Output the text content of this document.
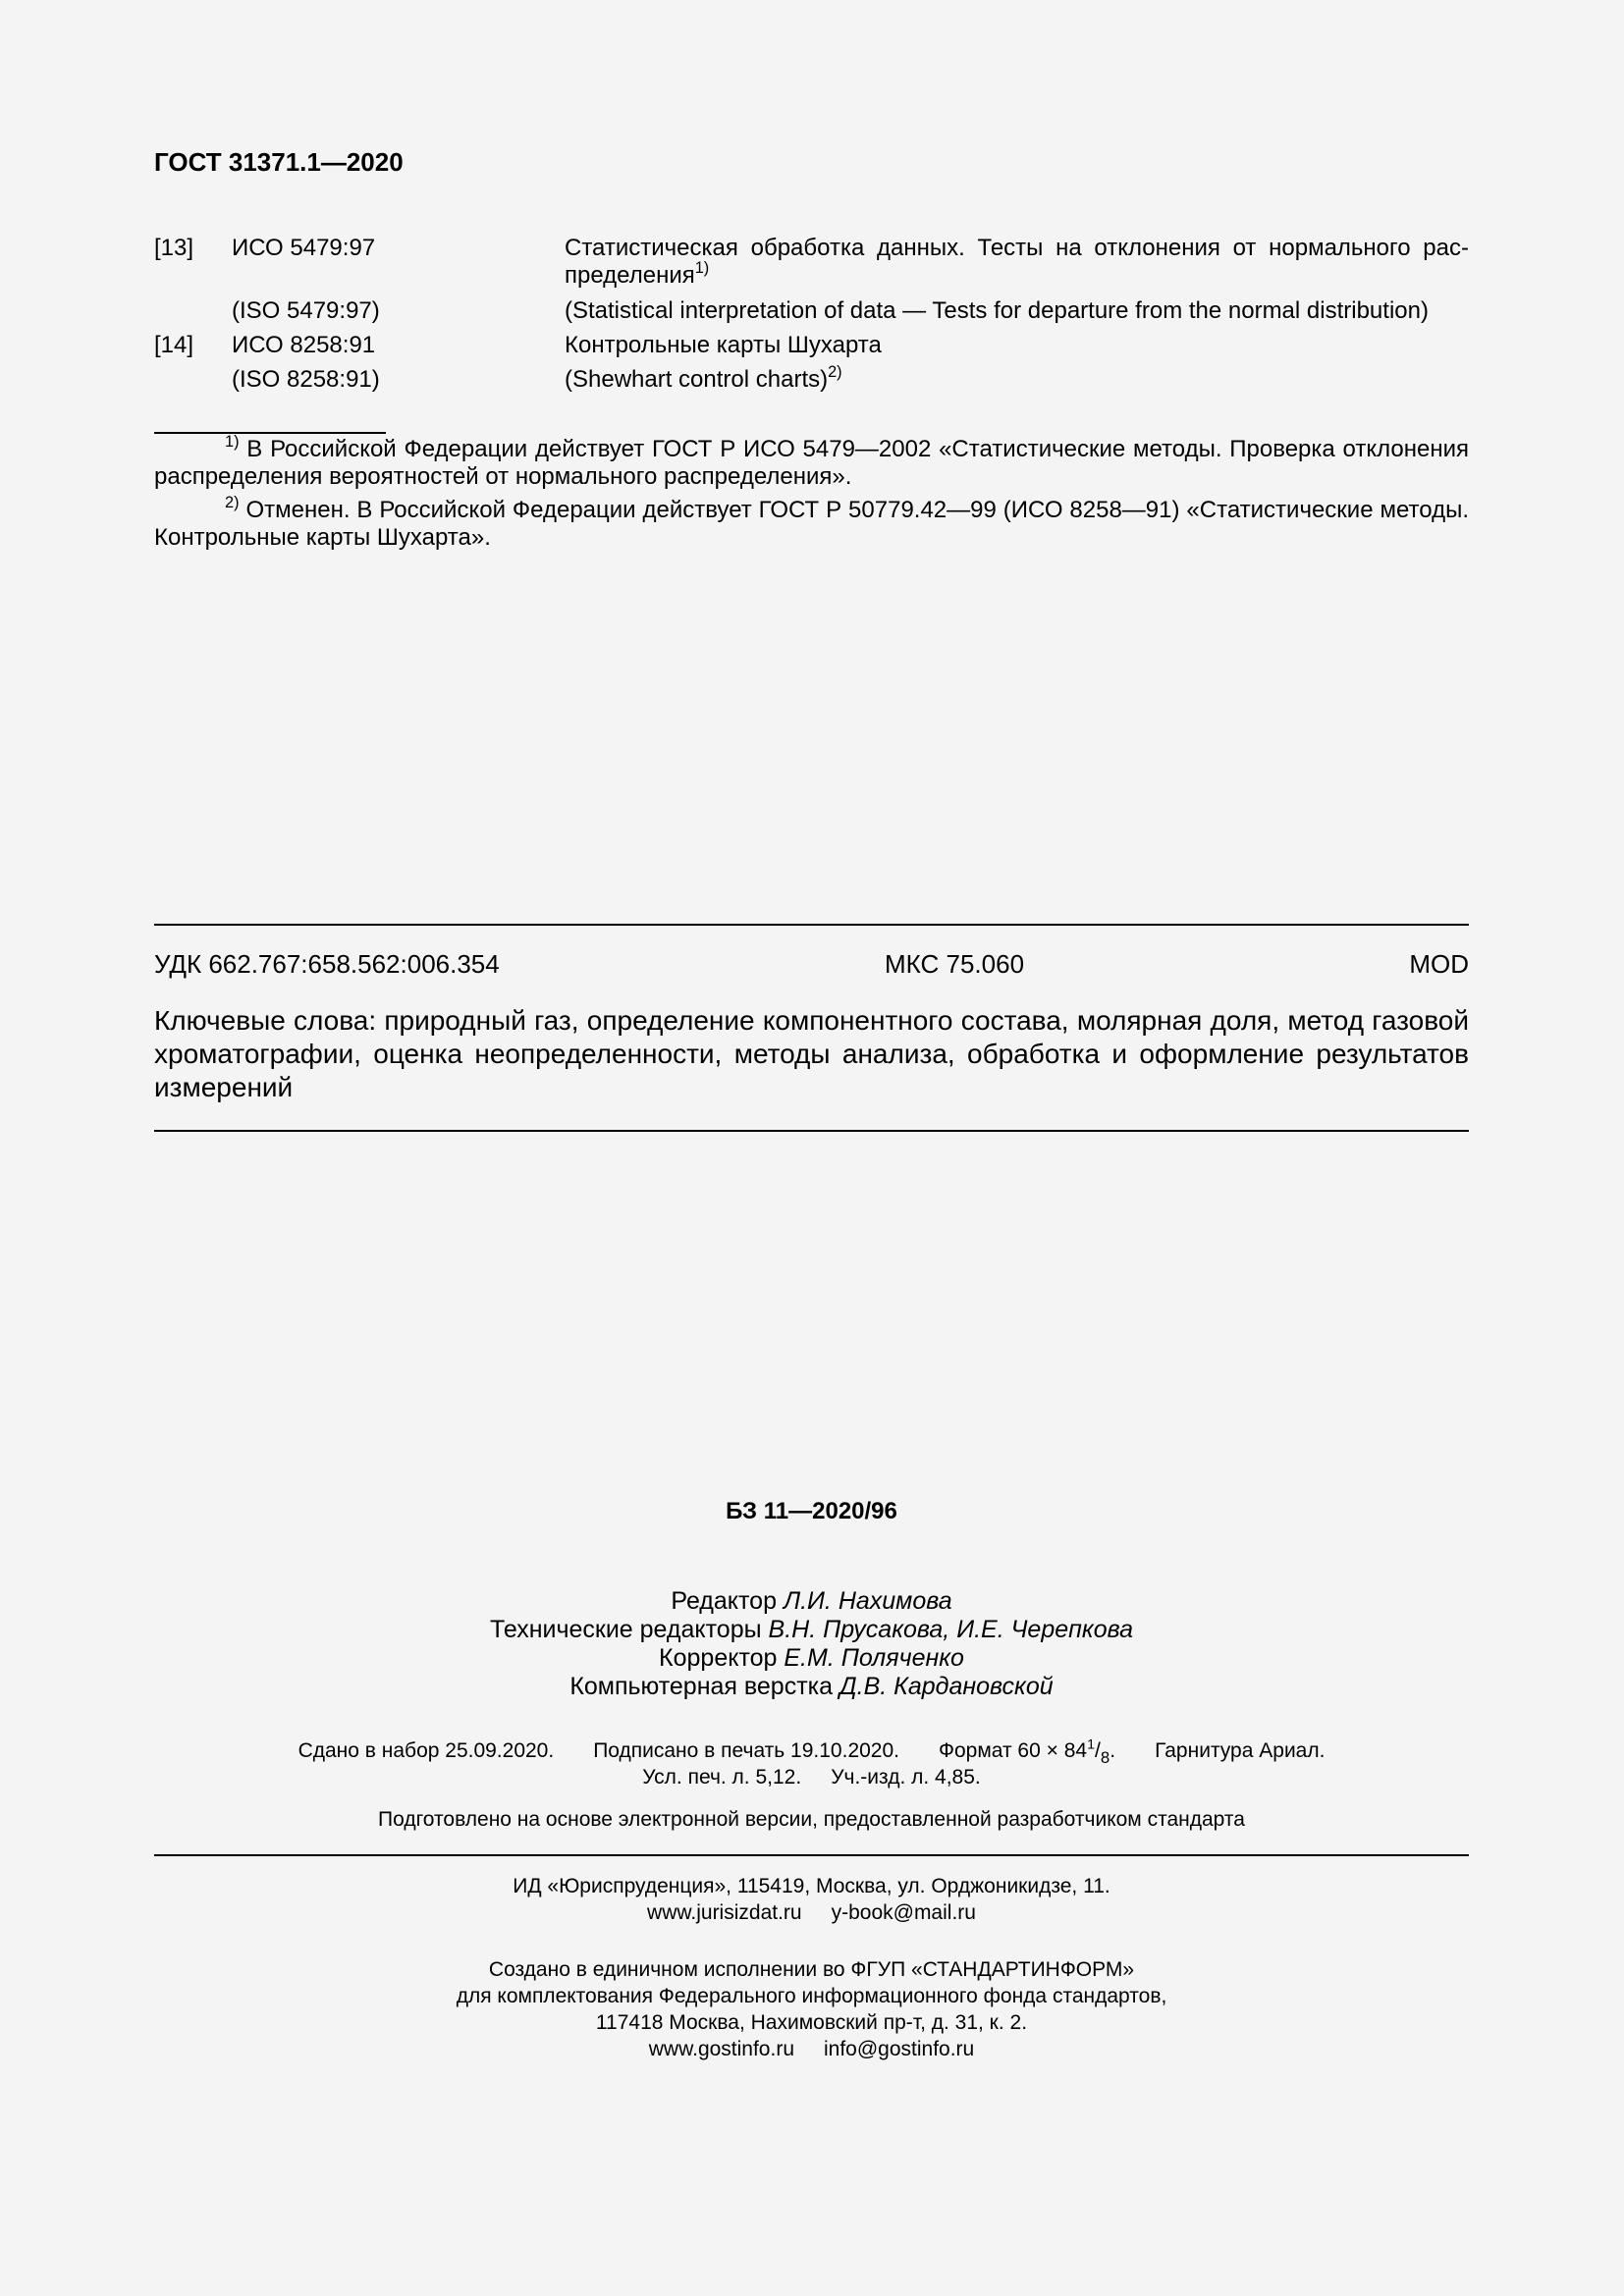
ГОСТ 31371.1—2020
[13] ИСО 5479:97	Статистическая обработка данных. Тесты на отклонения от нормального рас-
пределения$^{1)}$
(ISO 5479:97)	(Statistical interpretation of data — Tests for departure from the normal distribution)
[14] ИСО 8258:91	Контрольные карты Шухарта
(ISO 8258:91)	(Shewhart control charts)$^{2)}$

$^{1)}$ В Российской Федерации действует ГОСТ Р ИСО 5479—2002 «Статистические методы. Проверка отклонения распределения вероятностей от нормального распределения».

$^{2)}$ Отменен. В Российской Федерации действует ГОСТ Р 50779.42—99 (ИСО 8258—91) «Статистические методы. Контрольные карты Шухарта».

УДК 662.767:658.562:006.354	МКС 75.060	MOD
Ключевые слова: природный газ, определение компонентного состава, молярная доля, метод газовой хроматографии, оценка неопределенности, методы анализа, обработка и оформление результатов измерений
БЗ 11—2020/96
Редактор Л.И. Нахимова
Технические редакторы В.Н. Прусакова, И.Е. Черепкова
Корректор Е.М. Поляченко
Компьютерная верстка Д.В. Кардановской
Сдано в набор 25.09.2020. Подписано в печать 19.10.2020. Формат $60 \times 84^1/_8$. Гарнитура Ариал.
Усл. печ. л. 5,12. Уч.-изд. л. 4,85.
Подготовлено на основе электронной версии, предоставленной разработчиком стандарта
ИД «Юриспруденция», 115419, Москва, ул. Орджоникидзе, 11.
www.jurisizdat.ru y-book@mail.ru
Создано в единичном исполнении во ФГУП «СТАНДАРТИНФОРМ»
для комплектования Федерального информационного фонда стандартов,
117418 Москва, Нахимовский пр-т, д. 31, к. 2.
www.gostinfo.ru info@gostinfo.ru
